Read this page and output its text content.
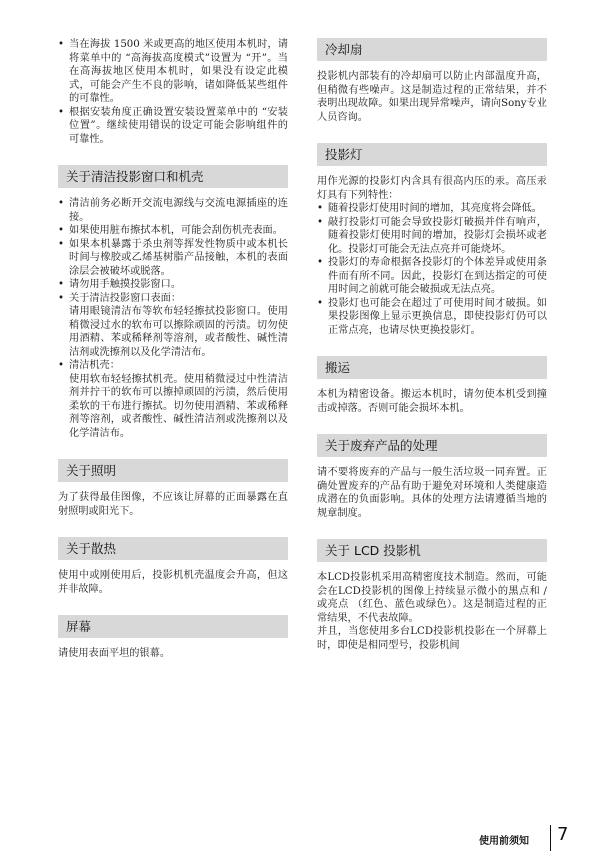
• 当在海拔 1500 米或更高的地区使用本机时，请将菜单中的 “高海拔高度模式”设置为 “开”。当在高海拔地区使用本机时，如果没有设定此模式，可能会产生不良的影响，诸如降低某些组件的可靠性。
• 根据安装角度正确设置安装设置菜单中的 “安装位置”。继续使用错误的设定可能会影响组件的可靠性。
关于清洁投影窗口和机壳
• 清洁前务必断开交流电源线与交流电源插座的连接。
• 如果使用脏布擦拭本机，可能会刮伤机壳表面。
• 如果本机暴露于杀虫剂等挥发性物质中或本机长时间与橡胶或乙烯基树脂产品接触，本机的表面涂层会被破坏或脱落。
• 请勿用手触摸投影窗口。
• 关于清洁投影窗口表面：
请用眼镜清洁布等软布轻轻擦拭投影窗口。使用稍微浸过水的软布可以擦除顽固的污渍。切勿使用酒精、苯或稀释剂等溶剂，或者酸性、碱性清洁剂或洗擦剂以及化学清洁布。
• 清洁机壳：
使用软布轻轻擦拭机壳。使用稍微浸过中性清洁剂并拧干的软布可以擦掉顽固的污渍，然后使用柔软的干布进行擦拭。切勿使用酒精、苯或稀释剂等溶剂，或者酸性、碱性清洁剂或洗擦剂以及化学清洁布。
关于照明

为了获得最佳图像，不应该让屏幕的正面暴露在直射照明或阳光下。

关于散热

使用中或刚使用后，投影机机壳温度会升高，但这并非故障。

屏幕

请使用表面平坦的银幕。

冷却扇

投影机内部装有的冷却扇可以防止内部温度升高，但稍微有些噪声。这是制造过程的正常结果，并不表明出现故障。如果出现异常噪声，请向Sony专业人员咨询。

投影灯

用作光源的投影灯内含具有很高内压的汞。高压汞灯具有下列特性：

• 随着投影灯使用时间的增加，其亮度将会降低。
• 敲打投影灯可能会导致投影灯破损并伴有响声，随着投影灯使用时间的增加，投影灯会损坏或老化。投影灯可能会无法点亮并可能烧坏。
• 投影灯的寿命根据各投影灯的个体差异或使用条件而有所不同。因此，投影灯在到达指定的可使用时间之前就可能会破损或无法点亮。
• 投影灯也可能会在超过了可使用时间才破损。如果投影图像上显示更换信息，即使投影灯仍可以正常点亮，也请尽快更换投影灯。
搬运

本机为精密设备。搬运本机时，请勿使本机受到撞击或掉落。否则可能会损坏本机。

关于废弃产品的处理

请不要将废弃的产品与一般生活垃圾一同弃置。正确处置废弃的产品有助于避免对环境和人类健康造成潜在的负面影响。具体的处理方法请遵循当地的规章制度。

关于 LCD 投影机

本LCD投影机采用高精密度技术制造。然而，可能会在LCD投影机的图像上持续显示微小的黑点和 / 或亮点 （红色、蓝色或绿色）。这是制造过程的正常结果，不代表故障。

并且，当您使用多台LCD投影机投影在一个屏幕上时，即使是相同型号，投影机间

使用前须知 7
